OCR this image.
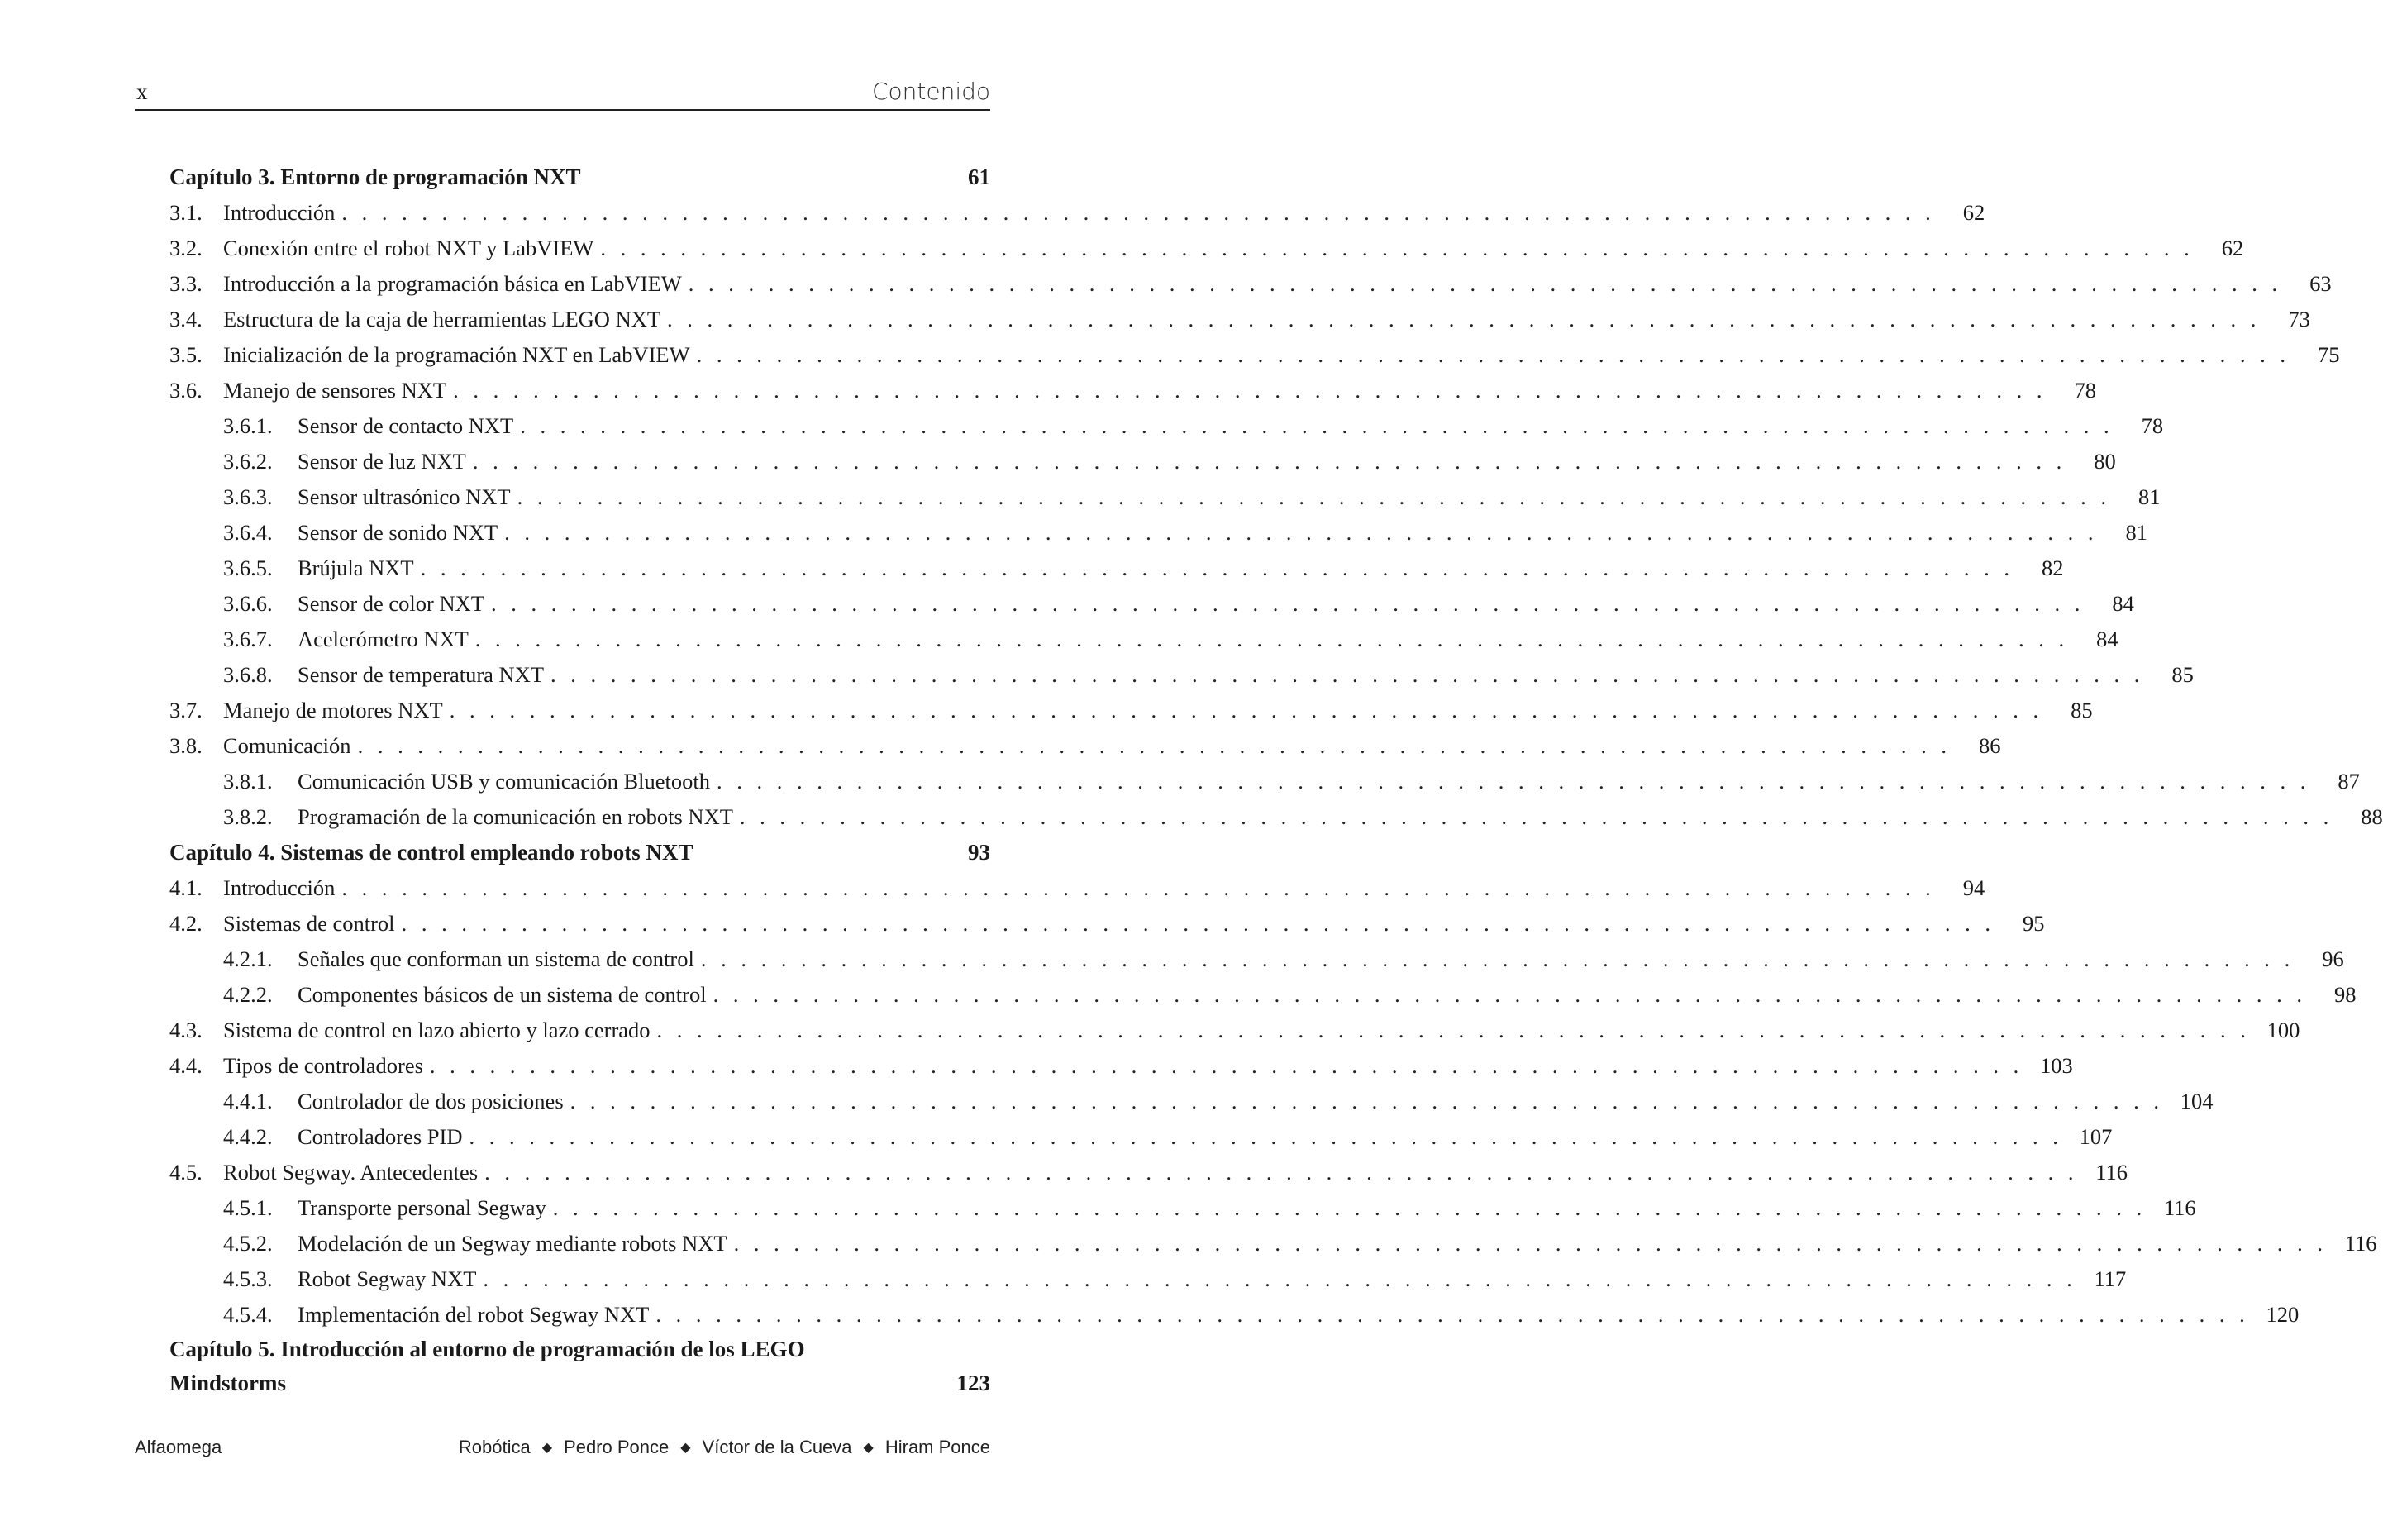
x	Contenido
Capítulo 3. Entorno de programación NXT	61
3.1. Introducción . . . . . . . . . . . . . . . . . . . . . . . . . . . . . . . . . . . . . . . . . . . . . . . . . . . . . . . . . . . . . . . . . . . . . . . . . . . . . . . .	62
3.2. Conexión entre el robot NXT y LabVIEW . . . . . . . . . . . . . . . . . . . . . . . . . . . . . . . . . . . . . . . . . . . . . . . . . . . . . . . . . . . . . . . . . . . . . . . . . . . . . . . .	62
3.3. Introducción a la programación básica en LabVIEW . . . . . . . . . . . . . . . . . . . . . . . . . . . . . . . . . . . . . . . . . . . . . . . . . . . . . . . . . . . . . . . . . . . . . . . . . . . . . . . .	63
3.4. Estructura de la caja de herramientas LEGO NXT . . . . . . . . . . . . . . . . . . . . . . . . . . . . . . . . . . . . . . . . . . . . . . . . . . . . . . . . . . . . . . . . . . . . . . . . . . . . . . . .	73
3.5. Inicialización de la programación NXT en LabVIEW . . . . . . . . . . . . . . . . . . . . . . . . . . . . . . . . . . . . . . . . . . . . . . . . . . . . . . . . . . . . . . . . . . . . . . . . . . . . . . . .	75
3.6. Manejo de sensores NXT . . . . . . . . . . . . . . . . . . . . . . . . . . . . . . . . . . . . . . . . . . . . . . . . . . . . . . . . . . . . . . . . . . . . . . . . . . . . . . . .	78
3.6.1.	Sensor de contacto NXT . . . . . . . . . . . . . . . . . . . . . . . . . . . . . . . . . . . . . . . . . . . . . . . . . . . . . . . . . . . . . . . . . . . . . . . . . . . . . . . .	78
3.6.2.	Sensor de luz NXT . . . . . . . . . . . . . . . . . . . . . . . . . . . . . . . . . . . . . . . . . . . . . . . . . . . . . . . . . . . . . . . . . . . . . . . . . . . . . . . .	80
3.6.3.	Sensor ultrasónico NXT . . . . . . . . . . . . . . . . . . . . . . . . . . . . . . . . . . . . . . . . . . . . . . . . . . . . . . . . . . . . . . . . . . . . . . . . . . . . . . . .	81
3.6.4.	Sensor de sonido NXT . . . . . . . . . . . . . . . . . . . . . . . . . . . . . . . . . . . . . . . . . . . . . . . . . . . . . . . . . . . . . . . . . . . . . . . . . . . . . . . .	81
3.6.5.	Brújula NXT . . . . . . . . . . . . . . . . . . . . . . . . . . . . . . . . . . . . . . . . . . . . . . . . . . . . . . . . . . . . . . . . . . . . . . . . . . . . . . . .	82
3.6.6.	Sensor de color NXT . . . . . . . . . . . . . . . . . . . . . . . . . . . . . . . . . . . . . . . . . . . . . . . . . . . . . . . . . . . . . . . . . . . . . . . . . . . . . . . .	84
3.6.7.	Acelerómetro NXT . . . . . . . . . . . . . . . . . . . . . . . . . . . . . . . . . . . . . . . . . . . . . . . . . . . . . . . . . . . . . . . . . . . . . . . . . . . . . . . .	84
3.6.8.	Sensor de temperatura NXT . . . . . . . . . . . . . . . . . . . . . . . . . . . . . . . . . . . . . . . . . . . . . . . . . . . . . . . . . . . . . . . . . . . . . . . . . . . . . . . .	85
3.7. Manejo de motores NXT . . . . . . . . . . . . . . . . . . . . . . . . . . . . . . . . . . . . . . . . . . . . . . . . . . . . . . . . . . . . . . . . . . . . . . . . . . . . . . . .	85
3.8. Comunicación . . . . . . . . . . . . . . . . . . . . . . . . . . . . . . . . . . . . . . . . . . . . . . . . . . . . . . . . . . . . . . . . . . . . . . . . . . . . . . . .	86
3.8.1.	Comunicación USB y comunicación Bluetooth . . . . . . . . . . . . . . . . . . . . . . . . . . . . . . . . . . . . . . . . . . . . . . . . . . . . . . . . . . . . . . . . . . . . . . . . . . . . . . . .	87
3.8.2.	Programación de la comunicación en robots NXT . . . . . . . . . . . . . . . . . . . . . . . . . . . . . . . . . . . . . . . . . . . . . . . . . . . . . . . . . . . . . . . . . . . . . . . . . . . . . . . .	88
Capítulo 4. Sistemas de control empleando robots NXT	93
4.1. Introducción . . . . . . . . . . . . . . . . . . . . . . . . . . . . . . . . . . . . . . . . . . . . . . . . . . . . . . . . . . . . . . . . . . . . . . . . . . . . . . . .	94
4.2. Sistemas de control . . . . . . . . . . . . . . . . . . . . . . . . . . . . . . . . . . . . . . . . . . . . . . . . . . . . . . . . . . . . . . . . . . . . . . . . . . . . . . . .	95
4.2.1.	Señales que conforman un sistema de control . . . . . . . . . . . . . . . . . . . . . . . . . . . . . . . . . . . . . . . . . . . . . . . . . . . . . . . . . . . . . . . . . . . . . . . . . . . . . . . .	96
4.2.2.	Componentes básicos de un sistema de control . . . . . . . . . . . . . . . . . . . . . . . . . . . . . . . . . . . . . . . . . . . . . . . . . . . . . . . . . . . . . . . . . . . . . . . . . . . . . . . .	98
4.3. Sistema de control en lazo abierto y lazo cerrado . . . . . . . . . . . . . . . . . . . . . . . . . . . . . . . . . . . . . . . . . . . . . . . . . . . . . . . . . . . . . . . . . . . . . . . . . . . . . . . . 100
4.4. Tipos de controladores . . . . . . . . . . . . . . . . . . . . . . . . . . . . . . . . . . . . . . . . . . . . . . . . . . . . . . . . . . . . . . . . . . . . . . . . . . . . . . . . 103
4.4.1.	Controlador de dos posiciones . . . . . . . . . . . . . . . . . . . . . . . . . . . . . . . . . . . . . . . . . . . . . . . . . . . . . . . . . . . . . . . . . . . . . . . . . . . . . . . . 104
4.4.2.	Controladores PID . . . . . . . . . . . . . . . . . . . . . . . . . . . . . . . . . . . . . . . . . . . . . . . . . . . . . . . . . . . . . . . . . . . . . . . . . . . . . . . . 107
4.5. Robot Segway. Antecedentes . . . . . . . . . . . . . . . . . . . . . . . . . . . . . . . . . . . . . . . . . . . . . . . . . . . . . . . . . . . . . . . . . . . . . . . . . . . . . . . . 116
4.5.1.	Transporte personal Segway . . . . . . . . . . . . . . . . . . . . . . . . . . . . . . . . . . . . . . . . . . . . . . . . . . . . . . . . . . . . . . . . . . . . . . . . . . . . . . . . 116
4.5.2.	Modelación de un Segway mediante robots NXT . . . . . . . . . . . . . . . . . . . . . . . . . . . . . . . . . . . . . . . . . . . . . . . . . . . . . . . . . . . . . . . . . . . . . . . . . . . . . . . . 116
4.5.3.	Robot Segway NXT . . . . . . . . . . . . . . . . . . . . . . . . . . . . . . . . . . . . . . . . . . . . . . . . . . . . . . . . . . . . . . . . . . . . . . . . . . . . . . . . 117
4.5.4.	Implementación del robot Segway NXT . . . . . . . . . . . . . . . . . . . . . . . . . . . . . . . . . . . . . . . . . . . . . . . . . . . . . . . . . . . . . . . . . . . . . . . . . . . . . . . . 120
Capítulo 5. Introducción al entorno de programación de los LEGO Mindstorms	123
Alfaomega	Robótica ◆ Pedro Ponce ◆ Víctor de la Cueva ◆ Hiram Ponce
